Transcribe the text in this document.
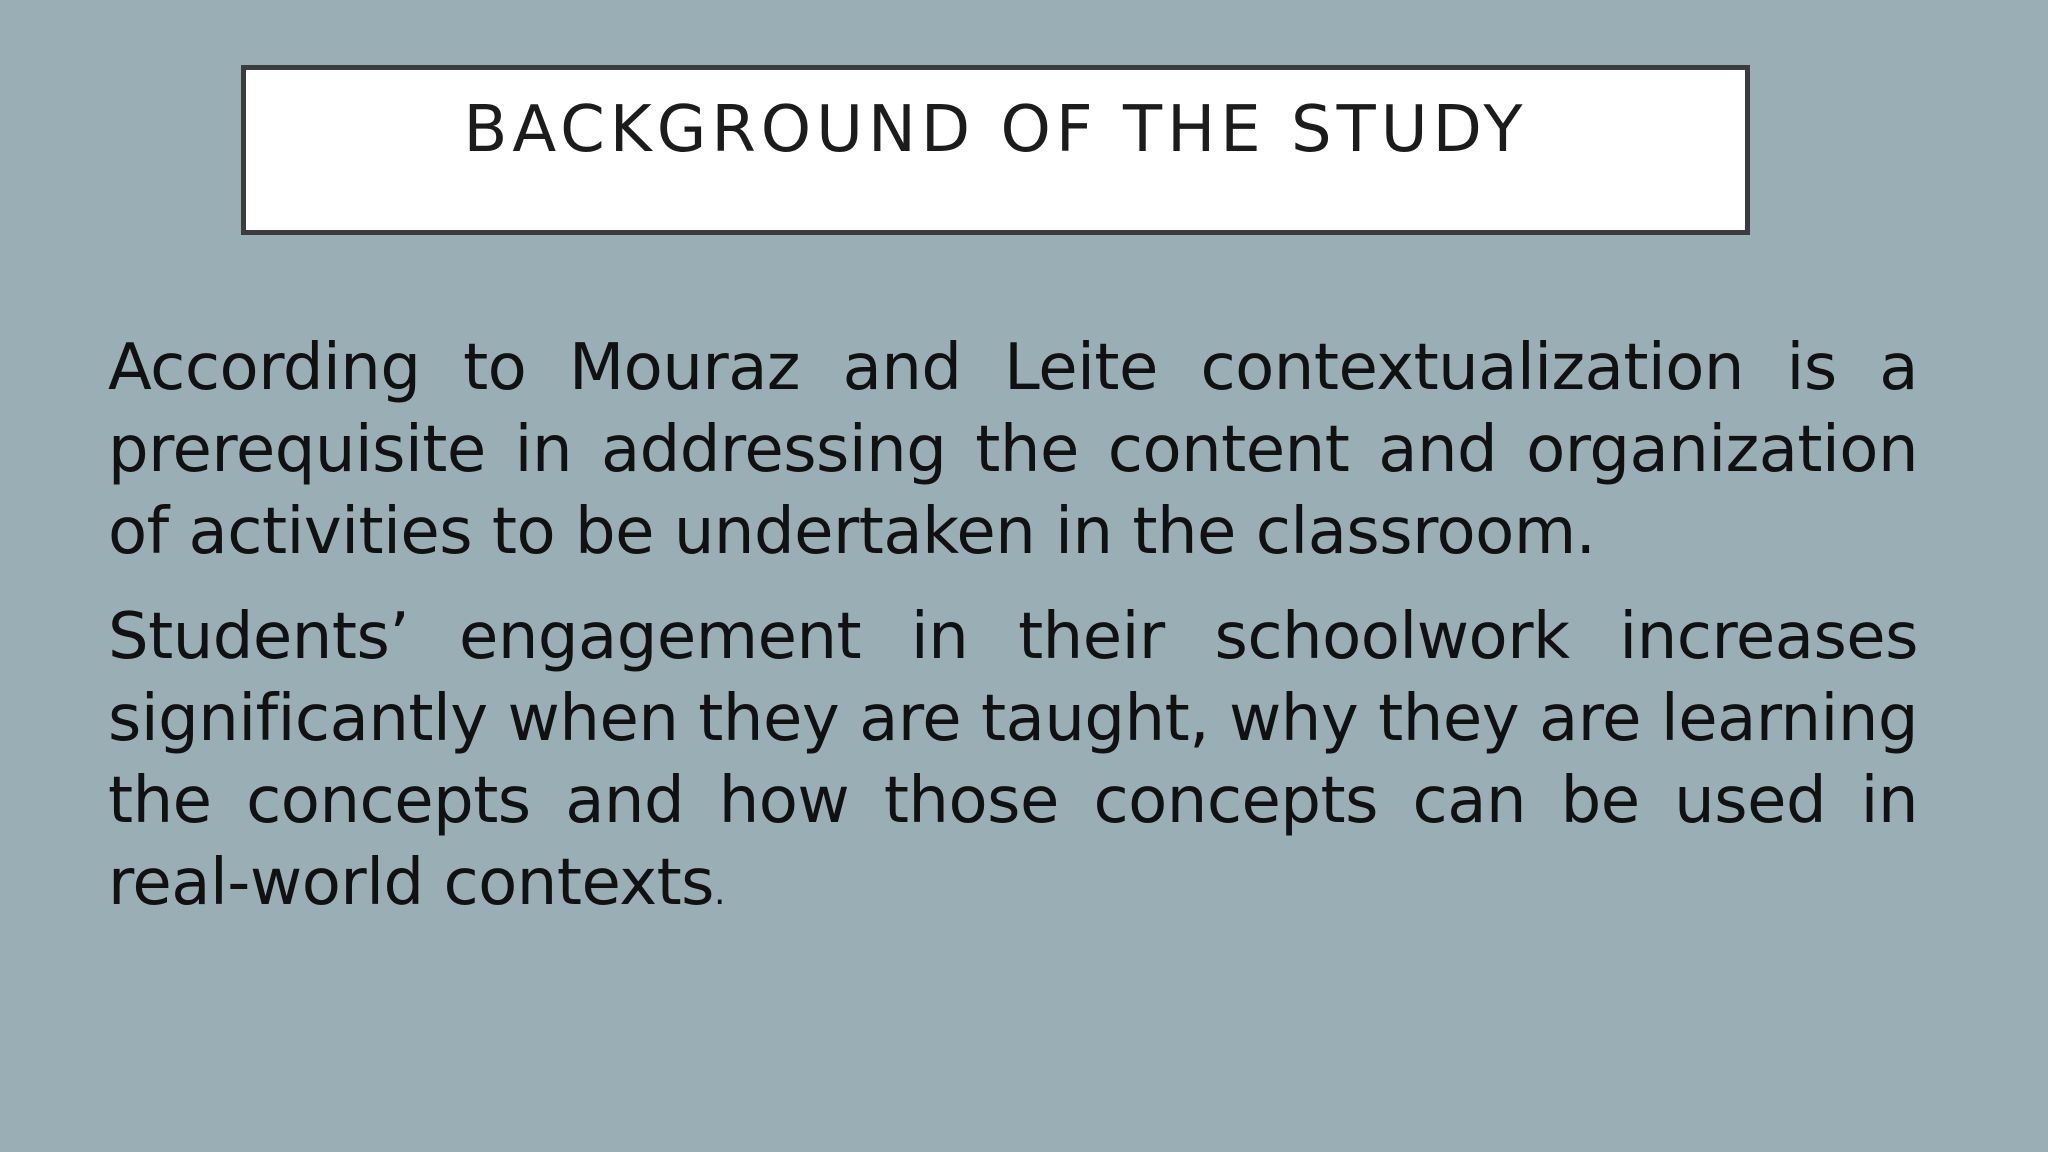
BACKGROUND OF THE STUDY

According to Mouraz and Leite contextualization is a prerequisite in addressing the content and organization of activities to be undertaken in the classroom.

Students’ engagement in their schoolwork increases significantly when they are taught, why they are learning the concepts and how those concepts can be used in real-world contexts.
